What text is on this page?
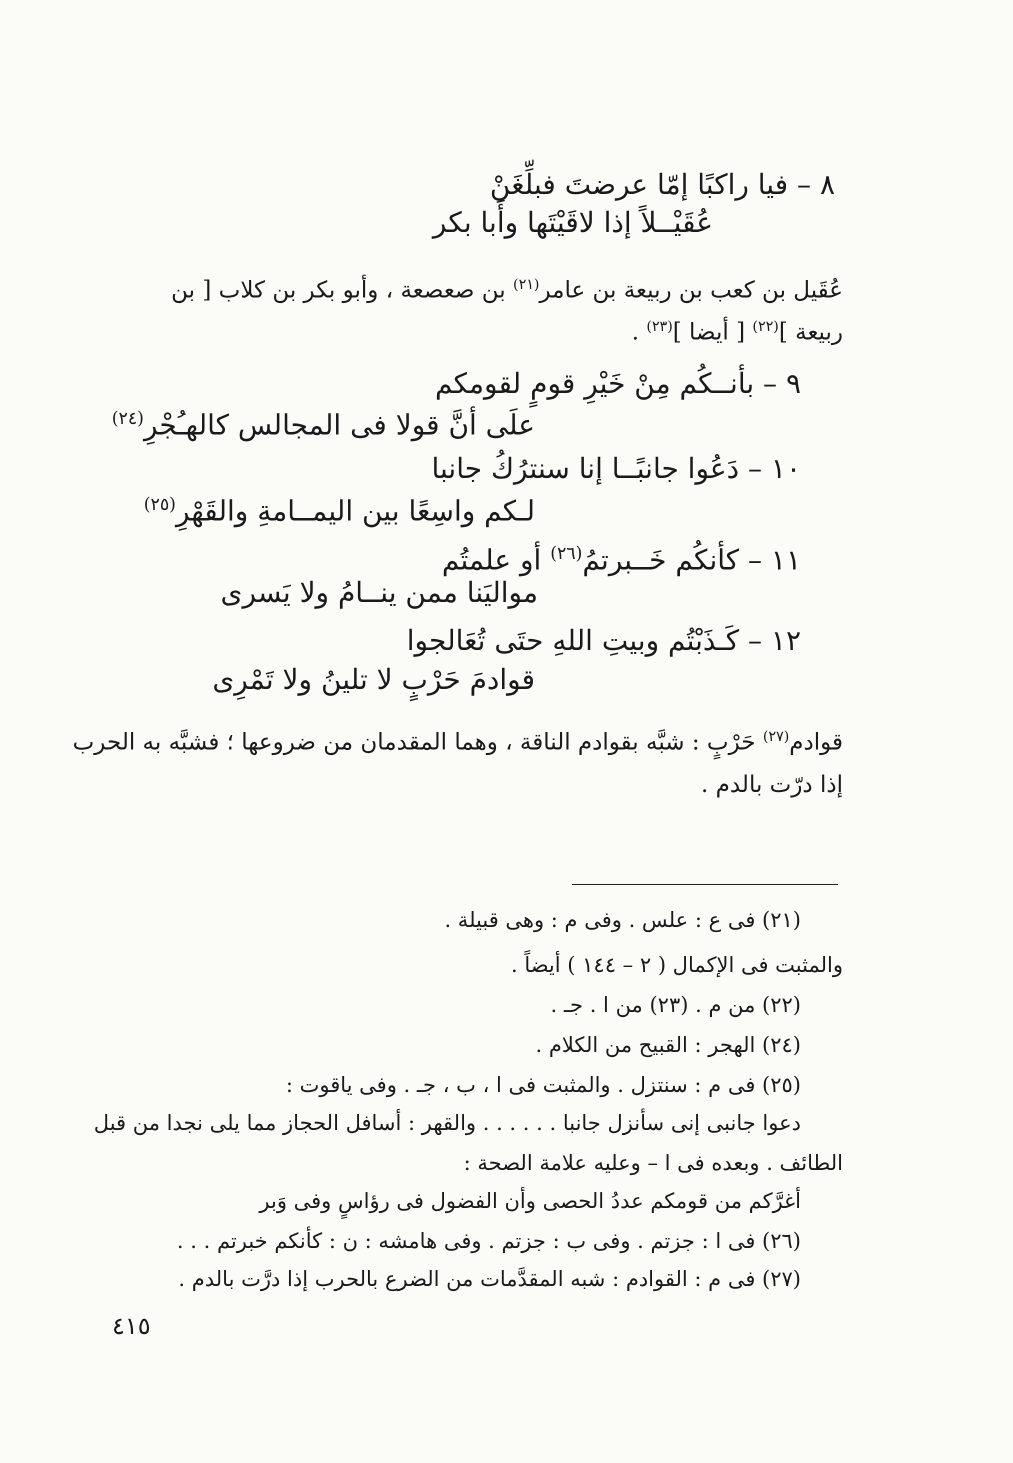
٨ – فيا راكبًا إمّا عرضتَ فبلِّغَنْ
عُقَيْــلاً إذا لاقَيْتَها وأَبا بكر
عُقَيل بن كعب بن ربيعة بن عامر$^{(٢١)}$ بن صعصعة ، وأبو بكر بن كلاب [ بن
ربيعة ]$^{(٢٢)}$ [ أيضا ]$^{(٢٣)}$ .
٩ – بأنــكُم مِنْ خَيْرِ قومٍ لقومكم
علَى أنَّ قولا فى المجالس كالهـُجْرِ$^{(٢٤)}$
١٠ – دَعُوا جانبًــا إنا سنترُكُ جانبا
لـكم واسِعًا بين اليمــامةِ والقَهْرِ$^{(٢٥)}$
١١ – كأنكُم خَــبرتمُ$^{(٢٦)}$ أو علمتُم
مواليَنا ممن ينــامُ ولا يَسرى
١٢ – كَـذَبْتُم وبيتِ اللهِ حتَى تُعَالجوا
قوادمَ حَرْبٍ لا تلينُ ولا تَمْرِى
قوادم$^{(٢٧)}$ حَرْبٍ : شبَّه بقوادم الناقة ، وهما المقدمان من ضروعها ؛ فشبَّه به الحرب
إذا درّت بالدم .
(٢١) فى ع : علس . وفى م : وهى قبيلة .
والمثبت فى الإكمال ( ٢ – ١٤٤ ) أيضاً .
(٢٢) من م . (٢٣) من ا . جـ .
(٢٤) الهجر : القبيح من الكلام .
(٢٥) فى م : سنتزل . والمثبت فى ا ، ب ، جـ . وفى ياقوت :
دعوا جانبى إنى سأنزل جانبا . . . . . . والقهر : أسافل الحجاز مما يلى نجدا من قبل
الطائف . وبعده فى ا – وعليه علامة الصحة :
أغرَّكم من قومكم عددُ الحصى وأن الفضول فى رؤاسٍ وفى وَبر
(٢٦) فى ا : جزتم . وفى ب : جزتم . وفى هامشه : ن : كأنكم خبرتم . . .
(٢٧) فى م : القوادم : شبه المقدَّمات من الضرع بالحرب إذا درَّت بالدم .
٤١٥
